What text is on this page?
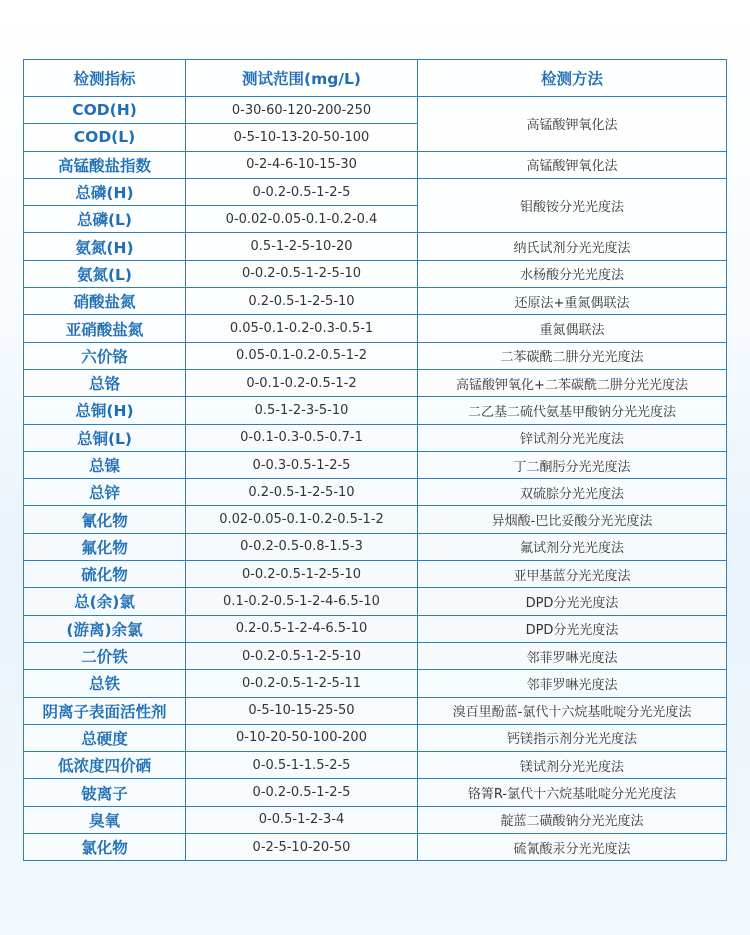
检测指标	测试范围(mg/L)	检测方法
COD(H)	0-30-60-120-200-250	高锰酸钾氧化法
COD(L)	0-5-10-13-20-50-100	
高锰酸盐指数	0-2-4-6-10-15-30	高锰酸钾氧化法
总磷(H)	0-0.2-0.5-1-2-5	钼酸铵分光光度法
总磷(L)	0-0.02-0.05-0.1-0.2-0.4	
氨氮(H)	0.5-1-2-5-10-20	纳氏试剂分光光度法
氨氮(L)	0-0.2-0.5-1-2-5-10	水杨酸分光光度法
硝酸盐氮	0.2-0.5-1-2-5-10	还原法+重氮偶联法
亚硝酸盐氮	0.05-0.1-0.2-0.3-0.5-1	重氮偶联法
六价铬	0.05-0.1-0.2-0.5-1-2	二苯碳酰二肼分光光度法
总铬	0-0.1-0.2-0.5-1-2	高锰酸钾氧化+二苯碳酰二肼分光光度法
总铜(H)	0.5-1-2-3-5-10	二乙基二硫代氨基甲酸钠分光光度法
总铜(L)	0-0.1-0.3-0.5-0.7-1	锌试剂分光光度法
总镍	0-0.3-0.5-1-2-5	丁二酮肟分光光度法
总锌	0.2-0.5-1-2-5-10	双硫腙分光光度法
氰化物	0.02-0.05-0.1-0.2-0.5-1-2	异烟酸-巴比妥酸分光光度法
氟化物	0-0.2-0.5-0.8-1.5-3	氟试剂分光光度法
硫化物	0-0.2-0.5-1-2-5-10	亚甲基蓝分光光度法
总(余)氯	0.1-0.2-0.5-1-2-4-6.5-10	DPD分光光度法
(游离)余氯	0.2-0.5-1-2-4-6.5-10	DPD分光光度法
二价铁	0-0.2-0.5-1-2-5-10	邻菲罗啉光度法
总铁	0-0.2-0.5-1-2-5-11	邻菲罗啉光度法
阴离子表面活性剂	0-5-10-15-25-50	溴百里酚蓝-氯代十六烷基吡啶分光光度法
总硬度	0-10-20-50-100-200	钙镁指示剂分光光度法
低浓度四价硒	0-0.5-1-1.5-2-5	镁试剂分光光度法
铍离子	0-0.2-0.5-1-2-5	铬箐R-氯代十六烷基吡啶分光光度法
臭氧	0-0.5-1-2-3-4	靛蓝二磺酸钠分光光度法
氯化物	0-2-5-10-20-50	硫氰酸汞分光光度法
